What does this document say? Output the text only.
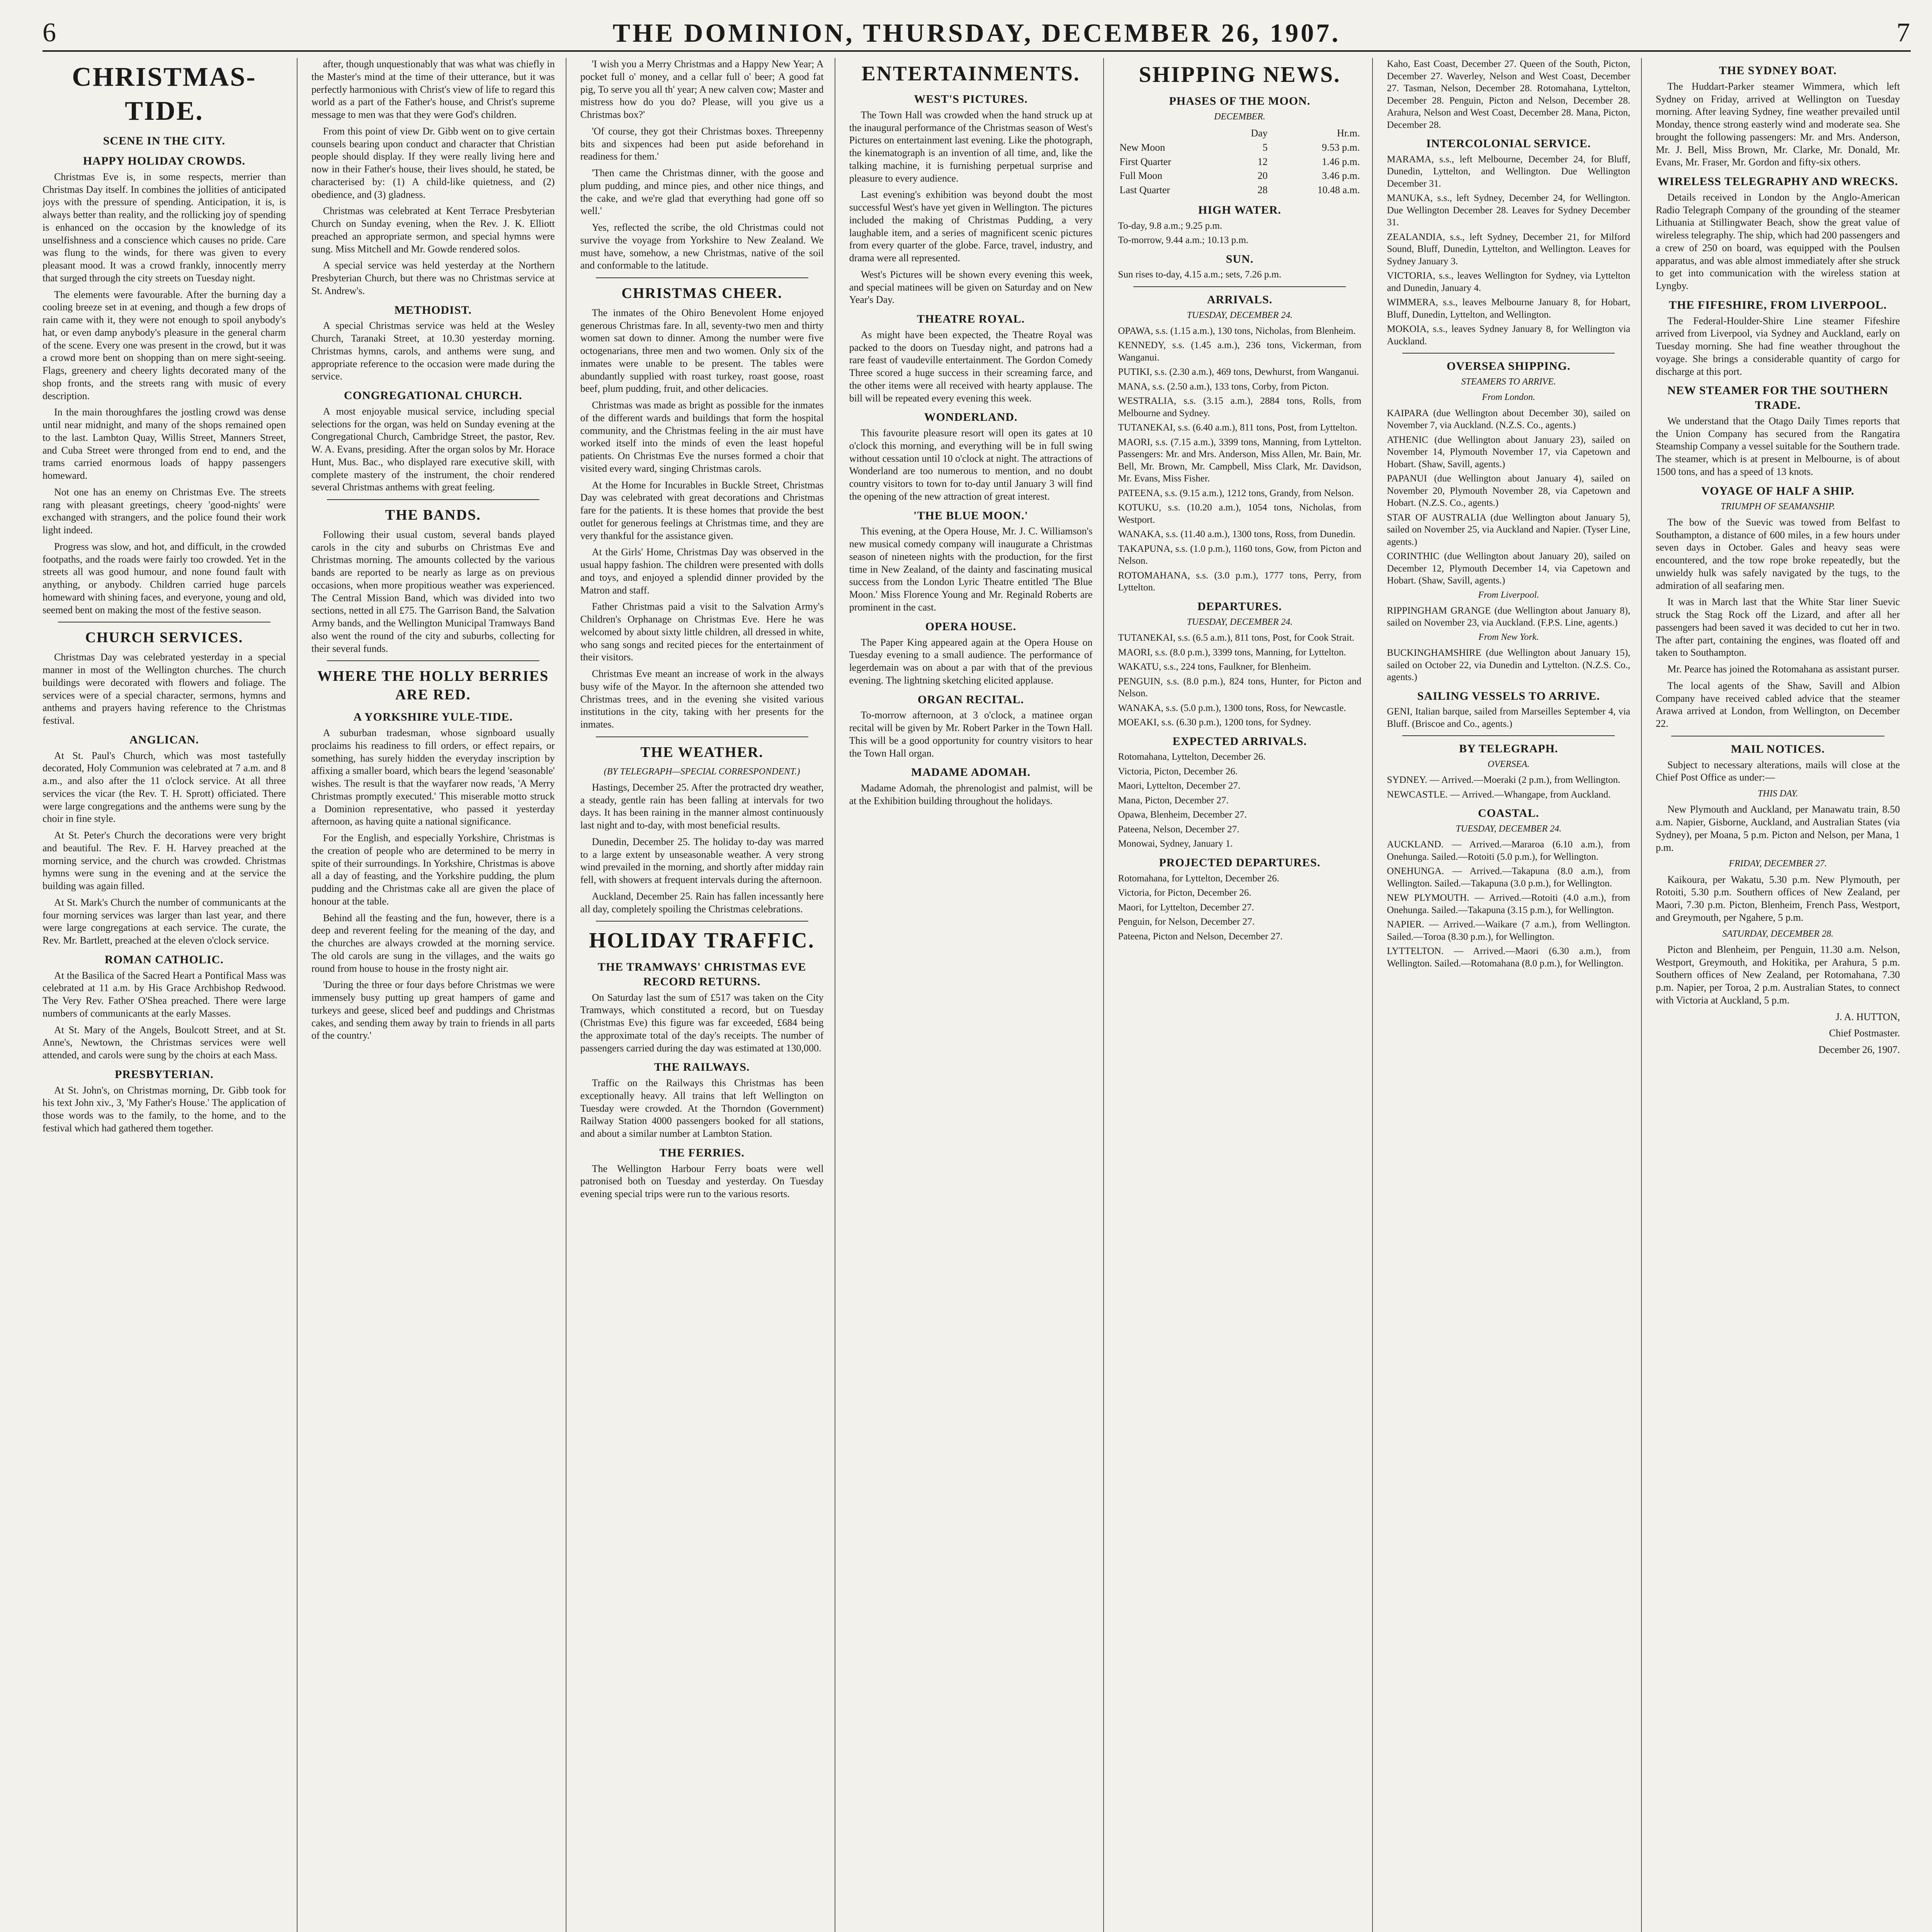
6	THE DOMINION, THURSDAY, DECEMBER 26, 1907.	7
CHRISTMAS-TIDE.
SCENE IN THE CITY.
HAPPY HOLIDAY CROWDS.

Christmas Eve is, in some respects, merrier than Christmas Day itself. In combines the jollities of anticipated joys with the pressure of spending. Anticipation, it is, is always better than reality, and the rollicking joy of spending is enhanced on the occasion by the knowledge of its unselfishness and a conscience which causes no pride. Care was flung to the winds, for there was given to every pleasant mood. It was a crowd frankly, innocently merry that surged through the city streets on Tuesday night.

The elements were favourable. After the burning day a cooling breeze set in at evening, and though a few drops of rain came with it, they were not enough to spoil anybody's hat, or even damp anybody's pleasure in the general charm of the scene. Every one was present in the crowd, but it was a crowd more bent on shopping than on mere sight-seeing. Flags, greenery and cheery lights decorated many of the shop fronts, and the streets rang with music of every description.

In the main thoroughfares the jostling crowd was dense until near midnight, and many of the shops remained open to the last. Lambton Quay, Willis Street, Manners Street, and Cuba Street were thronged from end to end, and the trams carried enormous loads of happy passengers homeward.

Not one has an enemy on Christmas Eve. The streets rang with pleasant greetings, cheery 'good-nights' were exchanged with strangers, and the police found their work light indeed.

Progress was slow, and hot, and difficult, in the crowded footpaths, and the roads were fairly too crowded. Yet in the streets all was good humour, and none found fault with anything, or anybody. Children carried huge parcels homeward with shining faces, and everyone, young and old, seemed bent on making the most of the festive season.

CHURCH SERVICES.

Christmas Day was celebrated yesterday in a special manner in most of the Wellington churches. The church buildings were decorated with flowers and foliage. The services were of a special character, sermons, hymns and anthems and prayers having reference to the Christmas festival.

ANGLICAN.

At St. Paul's Church, which was most tastefully decorated, Holy Communion was celebrated at 7 a.m. and 8 a.m., and also after the 11 o'clock service. At all three services the vicar (the Rev. T. H. Sprott) officiated. There were large congregations and the anthems were sung by the choir in fine style.

At St. Peter's Church the decorations were very bright and beautiful. The Rev. F. H. Harvey preached at the morning service, and the church was crowded. Christmas hymns were sung in the evening and at the service the building was again filled.

At St. Mark's Church the number of communicants at the four morning services was larger than last year, and there were large congregations at each service. The curate, the Rev. Mr. Bartlett, preached at the eleven o'clock service.

ROMAN CATHOLIC.

At the Basilica of the Sacred Heart a Pontifical Mass was celebrated at 11 a.m. by His Grace Archbishop Redwood. The Very Rev. Father O'Shea preached. There were large numbers of communicants at the early Masses.

At St. Mary of the Angels, Boulcott Street, and at St. Anne's, Newtown, the Christmas services were well attended, and carols were sung by the choirs at each Mass.

PRESBYTERIAN.

At St. John's, on Christmas morning, Dr. Gibb took for his text John xiv., 3, 'My Father's House.' The application of those words was to the family, to the home, and to the festival which had gathered them together.

after, though unquestionably that was what was chiefly in the Master's mind at the time of their utterance, but it was perfectly harmonious with Christ's view of life to regard this world as a part of the Father's house, and Christ's supreme message to men was that they were God's children.

From this point of view Dr. Gibb went on to give certain counsels bearing upon conduct and character that Christian people should display. If they were really living here and now in their Father's house, their lives should, he stated, be characterised by: (1) A child-like quietness, and (2) obedience, and (3) gladness.

Christmas was celebrated at Kent Terrace Presbyterian Church on Sunday evening, when the Rev. J. K. Elliott preached an appropriate sermon, and special hymns were sung. Miss Mitchell and Mr. Gowde rendered solos.

A special service was held yesterday at the Northern Presbyterian Church, but there was no Christmas service at St. Andrew's.

METHODIST.

A special Christmas service was held at the Wesley Church, Taranaki Street, at 10.30 yesterday morning. Christmas hymns, carols, and anthems were sung, and appropriate reference to the occasion were made during the service.

CONGREGATIONAL CHURCH.

A most enjoyable musical service, including special selections for the organ, was held on Sunday evening at the Congregational Church, Cambridge Street, the pastor, Rev. W. A. Evans, presiding. After the organ solos by Mr. Horace Hunt, Mus. Bac., who displayed rare executive skill, with complete mastery of the instrument, the choir rendered several Christmas anthems with great feeling.

THE BANDS.

Following their usual custom, several bands played carols in the city and suburbs on Christmas Eve and Christmas morning. The amounts collected by the various bands are reported to be nearly as large as on previous occasions, when more propitious weather was experienced. The Central Mission Band, which was divided into two sections, netted in all £75. The Garrison Band, the Salvation Army bands, and the Wellington Municipal Tramways Band also went the round of the city and suburbs, collecting for their several funds.

WHERE THE HOLLY BERRIES ARE RED.
A YORKSHIRE YULE-TIDE.

A suburban tradesman, whose signboard usually proclaims his readiness to fill orders, or effect repairs, or something, has surely hidden the everyday inscription by affixing a smaller board, which bears the legend 'seasonable' wishes. The result is that the wayfarer now reads, 'A Merry Christmas promptly executed.' This miserable motto struck a Dominion representative, who passed it yesterday afternoon, as having quite a national significance.

For the English, and especially Yorkshire, Christmas is the creation of people who are determined to be merry in spite of their surroundings. In Yorkshire, Christmas is above all a day of feasting, and the Yorkshire pudding, the plum pudding and the Christmas cake all are given the place of honour at the table.

Behind all the feasting and the fun, however, there is a deep and reverent feeling for the meaning of the day, and the churches are always crowded at the morning service. The old carols are sung in the villages, and the waits go round from house to house in the frosty night air.

'During the three or four days before Christmas we were immensely busy putting up great hampers of game and turkeys and geese, sliced beef and puddings and Christmas cakes, and sending them away by train to friends in all parts of the country.'

'I wish you a Merry Christmas and a Happy New Year; A pocket full o' money, and a cellar full o' beer; A good fat pig, To serve you all th' year; A new calven cow; Master and mistress how do you do? Please, will you give us a Christmas box?'

'Of course, they got their Christmas boxes. Threepenny bits and sixpences had been put aside beforehand in readiness for them.'

'Then came the Christmas dinner, with the goose and plum pudding, and mince pies, and other nice things, and the cake, and we're glad that everything had gone off so well.'

Yes, reflected the scribe, the old Christmas could not survive the voyage from Yorkshire to New Zealand. We must have, somehow, a new Christmas, native of the soil and conformable to the latitude.

CHRISTMAS CHEER.

The inmates of the Ohiro Benevolent Home enjoyed generous Christmas fare. In all, seventy-two men and thirty women sat down to dinner. Among the number were five octogenarians, three men and two women. Only six of the inmates were unable to be present. The tables were abundantly supplied with roast turkey, roast goose, roast beef, plum pudding, fruit, and other delicacies.

Christmas was made as bright as possible for the inmates of the different wards and buildings that form the hospital community, and the Christmas feeling in the air must have worked itself into the minds of even the least hopeful patients. On Christmas Eve the nurses formed a choir that visited every ward, singing Christmas carols.

At the Home for Incurables in Buckle Street, Christmas Day was celebrated with great decorations and Christmas fare for the patients. It is these homes that provide the best outlet for generous feelings at Christmas time, and they are very thankful for the assistance given.

At the Girls' Home, Christmas Day was observed in the usual happy fashion. The children were presented with dolls and toys, and enjoyed a splendid dinner provided by the Matron and staff.

Father Christmas paid a visit to the Salvation Army's Children's Orphanage on Christmas Eve. Here he was welcomed by about sixty little children, all dressed in white, who sang songs and recited pieces for the entertainment of their visitors.

Christmas Eve meant an increase of work in the always busy wife of the Mayor. In the afternoon she attended two Christmas trees, and in the evening she visited various institutions in the city, taking with her presents for the inmates.

THE WEATHER.
(BY TELEGRAPH—SPECIAL CORRESPONDENT.)

Hastings, December 25. After the protracted dry weather, a steady, gentle rain has been falling at intervals for two days. It has been raining in the manner almost continuously last night and to-day, with most beneficial results.

Dunedin, December 25. The holiday to-day was marred to a large extent by unseasonable weather. A very strong wind prevailed in the morning, and shortly after midday rain fell, with showers at frequent intervals during the afternoon.

Auckland, December 25. Rain has fallen incessantly here all day, completely spoiling the Christmas celebrations.

HOLIDAY TRAFFIC.
THE TRAMWAYS' CHRISTMAS EVE RECORD RETURNS.

On Saturday last the sum of £517 was taken on the City Tramways, which constituted a record, but on Tuesday (Christmas Eve) this figure was far exceeded, £684 being the approximate total of the day's receipts. The number of passengers carried during the day was estimated at 130,000.

THE RAILWAYS.

Traffic on the Railways this Christmas has been exceptionally heavy. All trains that left Wellington on Tuesday were crowded. At the Thorndon (Government) Railway Station 4000 passengers booked for all stations, and about a similar number at Lambton Station.

THE FERRIES.

The Wellington Harbour Ferry boats were well patronised both on Tuesday and yesterday. On Tuesday evening special trips were run to the various resorts.

ENTERTAINMENTS.
WEST'S PICTURES.

The Town Hall was crowded when the hand struck up at the inaugural performance of the Christmas season of West's Pictures on entertainment last evening. Like the photograph, the kinematograph is an invention of all time, and, like the talking machine, it is furnishing perpetual surprise and pleasure to every audience.

Last evening's exhibition was beyond doubt the most successful West's have yet given in Wellington. The pictures included the making of Christmas Pudding, a very laughable item, and a series of magnificent scenic pictures from every quarter of the globe. Farce, travel, industry, and drama were all represented.

West's Pictures will be shown every evening this week, and special matinees will be given on Saturday and on New Year's Day.

THEATRE ROYAL.

As might have been expected, the Theatre Royal was packed to the doors on Tuesday night, and patrons had a rare feast of vaudeville entertainment. The Gordon Comedy Three scored a huge success in their screaming farce, and the other items were all received with hearty applause. The bill will be repeated every evening this week.

WONDERLAND.

This favourite pleasure resort will open its gates at 10 o'clock this morning, and everything will be in full swing without cessation until 10 o'clock at night. The attractions of Wonderland are too numerous to mention, and no doubt country visitors to town for to-day until January 3 will find the opening of the new attraction of great interest.

'THE BLUE MOON.'

This evening, at the Opera House, Mr. J. C. Williamson's new musical comedy company will inaugurate a Christmas season of nineteen nights with the production, for the first time in New Zealand, of the dainty and fascinating musical success from the London Lyric Theatre entitled 'The Blue Moon.' Miss Florence Young and Mr. Reginald Roberts are prominent in the cast.

OPERA HOUSE.

The Paper King appeared again at the Opera House on Tuesday evening to a small audience. The performance of legerdemain was on about a par with that of the previous evening. The lightning sketching elicited applause.

ORGAN RECITAL.

To-morrow afternoon, at 3 o'clock, a matinee organ recital will be given by Mr. Robert Parker in the Town Hall. This will be a good opportunity for country visitors to hear the Town Hall organ.

MADAME ADOMAH.

Madame Adomah, the phrenologist and palmist, will be at the Exhibition building throughout the holidays.

SHIPPING NEWS.
PHASES OF THE MOON.
DECEMBER.
	Day	Hr.m.
New Moon	5	9.53 p.m.
First Quarter	12	1.46 p.m.
Full Moon	20	3.46 p.m.
Last Quarter	28	10.48 a.m.
HIGH WATER.

To-day, 9.8 a.m.; 9.25 p.m.

To-morrow, 9.44 a.m.; 10.13 p.m.

SUN.

Sun rises to-day, 4.15 a.m.; sets, 7.26 p.m.

ARRIVALS.
TUESDAY, DECEMBER 24.

OPAWA, s.s. (1.15 a.m.), 130 tons, Nicholas, from Blenheim.

KENNEDY, s.s. (1.45 a.m.), 236 tons, Vickerman, from Wanganui.

PUTIKI, s.s. (2.30 a.m.), 469 tons, Dewhurst, from Wanganui.

MANA, s.s. (2.50 a.m.), 133 tons, Corby, from Picton.

WESTRALIA, s.s. (3.15 a.m.), 2884 tons, Rolls, from Melbourne and Sydney.

TUTANEKAI, s.s. (6.40 a.m.), 811 tons, Post, from Lyttelton.

MAORI, s.s. (7.15 a.m.), 3399 tons, Manning, from Lyttelton. Passengers: Mr. and Mrs. Anderson, Miss Allen, Mr. Bain, Mr. Bell, Mr. Brown, Mr. Campbell, Miss Clark, Mr. Davidson, Mr. Evans, Miss Fisher.

PATEENA, s.s. (9.15 a.m.), 1212 tons, Grandy, from Nelson.

KOTUKU, s.s. (10.20 a.m.), 1054 tons, Nicholas, from Westport.

WANAKA, s.s. (11.40 a.m.), 1300 tons, Ross, from Dunedin.

TAKAPUNA, s.s. (1.0 p.m.), 1160 tons, Gow, from Picton and Nelson.

ROTOMAHANA, s.s. (3.0 p.m.), 1777 tons, Perry, from Lyttelton.

DEPARTURES.
TUESDAY, DECEMBER 24.

TUTANEKAI, s.s. (6.5 a.m.), 811 tons, Post, for Cook Strait.

MAORI, s.s. (8.0 p.m.), 3399 tons, Manning, for Lyttelton.

WAKATU, s.s., 224 tons, Faulkner, for Blenheim.

PENGUIN, s.s. (8.0 p.m.), 824 tons, Hunter, for Picton and Nelson.

WANAKA, s.s. (5.0 p.m.), 1300 tons, Ross, for Newcastle.

MOEAKI, s.s. (6.30 p.m.), 1200 tons, for Sydney.

EXPECTED ARRIVALS.

Rotomahana, Lyttelton, December 26.

Victoria, Picton, December 26.

Maori, Lyttelton, December 27.

Mana, Picton, December 27.

Opawa, Blenheim, December 27.

Pateena, Nelson, December 27.

Monowai, Sydney, January 1.

PROJECTED DEPARTURES.

Rotomahana, for Lyttelton, December 26.

Victoria, for Picton, December 26.

Maori, for Lyttelton, December 27.

Penguin, for Nelson, December 27.

Pateena, Picton and Nelson, December 27.

Kaho, East Coast, December 27. Queen of the South, Picton, December 27. Waverley, Nelson and West Coast, December 27. Tasman, Nelson, December 28. Rotomahana, Lyttelton, December 28. Penguin, Picton and Nelson, December 28. Arahura, Nelson and West Coast, December 28. Mana, Picton, December 28.

INTERCOLONIAL SERVICE.

MARAMA, s.s., left Melbourne, December 24, for Bluff, Dunedin, Lyttelton, and Wellington. Due Wellington December 31.

MANUKA, s.s., left Sydney, December 24, for Wellington. Due Wellington December 28. Leaves for Sydney December 31.

ZEALANDIA, s.s., left Sydney, December 21, for Milford Sound, Bluff, Dunedin, Lyttelton, and Wellington. Leaves for Sydney January 3.

VICTORIA, s.s., leaves Wellington for Sydney, via Lyttelton and Dunedin, January 4.

WIMMERA, s.s., leaves Melbourne January 8, for Hobart, Bluff, Dunedin, Lyttelton, and Wellington.

MOKOIA, s.s., leaves Sydney January 8, for Wellington via Auckland.

OVERSEA SHIPPING.
STEAMERS TO ARRIVE.
From London.

KAIPARA (due Wellington about December 30), sailed on November 7, via Auckland. (N.Z.S. Co., agents.)

ATHENIC (due Wellington about January 23), sailed on November 14, Plymouth November 17, via Capetown and Hobart. (Shaw, Savill, agents.)

PAPANUI (due Wellington about January 4), sailed on November 20, Plymouth November 28, via Capetown and Hobart. (N.Z.S. Co., agents.)

STAR OF AUSTRALIA (due Wellington about January 5), sailed on November 25, via Auckland and Napier. (Tyser Line, agents.)

CORINTHIC (due Wellington about January 20), sailed on December 12, Plymouth December 14, via Capetown and Hobart. (Shaw, Savill, agents.)

From Liverpool.

RIPPINGHAM GRANGE (due Wellington about January 8), sailed on November 23, via Auckland. (F.P.S. Line, agents.)

From New York.

BUCKINGHAMSHIRE (due Wellington about January 15), sailed on October 22, via Dunedin and Lyttelton. (N.Z.S. Co., agents.)

SAILING VESSELS TO ARRIVE.

GENI, Italian barque, sailed from Marseilles September 4, via Bluff. (Briscoe and Co., agents.)

BY TELEGRAPH.
OVERSEA.

SYDNEY. — Arrived.—Moeraki (2 p.m.), from Wellington.

NEWCASTLE. — Arrived.—Whangape, from Auckland.

COASTAL.
TUESDAY, DECEMBER 24.

AUCKLAND. — Arrived.—Mararoa (6.10 a.m.), from Onehunga. Sailed.—Rotoiti (5.0 p.m.), for Wellington.

ONEHUNGA. — Arrived.—Takapuna (8.0 a.m.), from Wellington. Sailed.—Takapuna (3.0 p.m.), for Wellington.

NEW PLYMOUTH. — Arrived.—Rotoiti (4.0 a.m.), from Onehunga. Sailed.—Takapuna (3.15 p.m.), for Wellington.

NAPIER. — Arrived.—Waikare (7 a.m.), from Wellington. Sailed.—Toroa (8.30 p.m.), for Wellington.

LYTTELTON. — Arrived.—Maori (6.30 a.m.), from Wellington. Sailed.—Rotomahana (8.0 p.m.), for Wellington.

THE SYDNEY BOAT.

The Huddart-Parker steamer Wimmera, which left Sydney on Friday, arrived at Wellington on Tuesday morning. After leaving Sydney, fine weather prevailed until Monday, thence strong easterly wind and moderate sea. She brought the following passengers: Mr. and Mrs. Anderson, Mr. J. Bell, Miss Brown, Mr. Clarke, Mr. Donald, Mr. Evans, Mr. Fraser, Mr. Gordon and fifty-six others.

WIRELESS TELEGRAPHY AND WRECKS.

Details received in London by the Anglo-American Radio Telegraph Company of the grounding of the steamer Lithuania at Stillingwater Beach, show the great value of wireless telegraphy. The ship, which had 200 passengers and a crew of 250 on board, was equipped with the Poulsen apparatus, and was able almost immediately after she struck to get into communication with the wireless station at Lyngby.

THE FIFESHIRE, FROM LIVERPOOL.

The Federal-Houlder-Shire Line steamer Fifeshire arrived from Liverpool, via Sydney and Auckland, early on Tuesday morning. She had fine weather throughout the voyage. She brings a considerable quantity of cargo for discharge at this port.

NEW STEAMER FOR THE SOUTHERN TRADE.

We understand that the Otago Daily Times reports that the Union Company has secured from the Rangatira Steamship Company a vessel suitable for the Southern trade. The steamer, which is at present in Melbourne, is of about 1500 tons, and has a speed of 13 knots.

VOYAGE OF HALF A SHIP.
TRIUMPH OF SEAMANSHIP.

The bow of the Suevic was towed from Belfast to Southampton, a distance of 600 miles, in a few hours under seven days in October. Gales and heavy seas were encountered, and the tow rope broke repeatedly, but the unwieldy hulk was safely navigated by the tugs, to the admiration of all seafaring men.

It was in March last that the White Star liner Suevic struck the Stag Rock off the Lizard, and after all her passengers had been saved it was decided to cut her in two. The after part, containing the engines, was floated off and taken to Southampton.

Mr. Pearce has joined the Rotomahana as assistant purser.

The local agents of the Shaw, Savill and Albion Company have received cabled advice that the steamer Arawa arrived at London, from Wellington, on December 22.

MAIL NOTICES.

Subject to necessary alterations, mails will close at the Chief Post Office as under:—

THIS DAY.

New Plymouth and Auckland, per Manawatu train, 8.50 a.m. Napier, Gisborne, Auckland, and Australian States (via Sydney), per Moana, 5 p.m. Picton and Nelson, per Mana, 1 p.m.

FRIDAY, DECEMBER 27.

Kaikoura, per Wakatu, 5.30 p.m. New Plymouth, per Rotoiti, 5.30 p.m. Southern offices of New Zealand, per Maori, 7.30 p.m. Picton, Blenheim, French Pass, Westport, and Greymouth, per Ngahere, 5 p.m.

SATURDAY, DECEMBER 28.

Picton and Blenheim, per Penguin, 11.30 a.m. Nelson, Westport, Greymouth, and Hokitika, per Arahura, 5 p.m. Southern offices of New Zealand, per Rotomahana, 7.30 p.m. Napier, per Toroa, 2 p.m. Australian States, to connect with Victoria at Auckland, 5 p.m.

J. A. HUTTON,
Chief Postmaster.
December 26, 1907.
